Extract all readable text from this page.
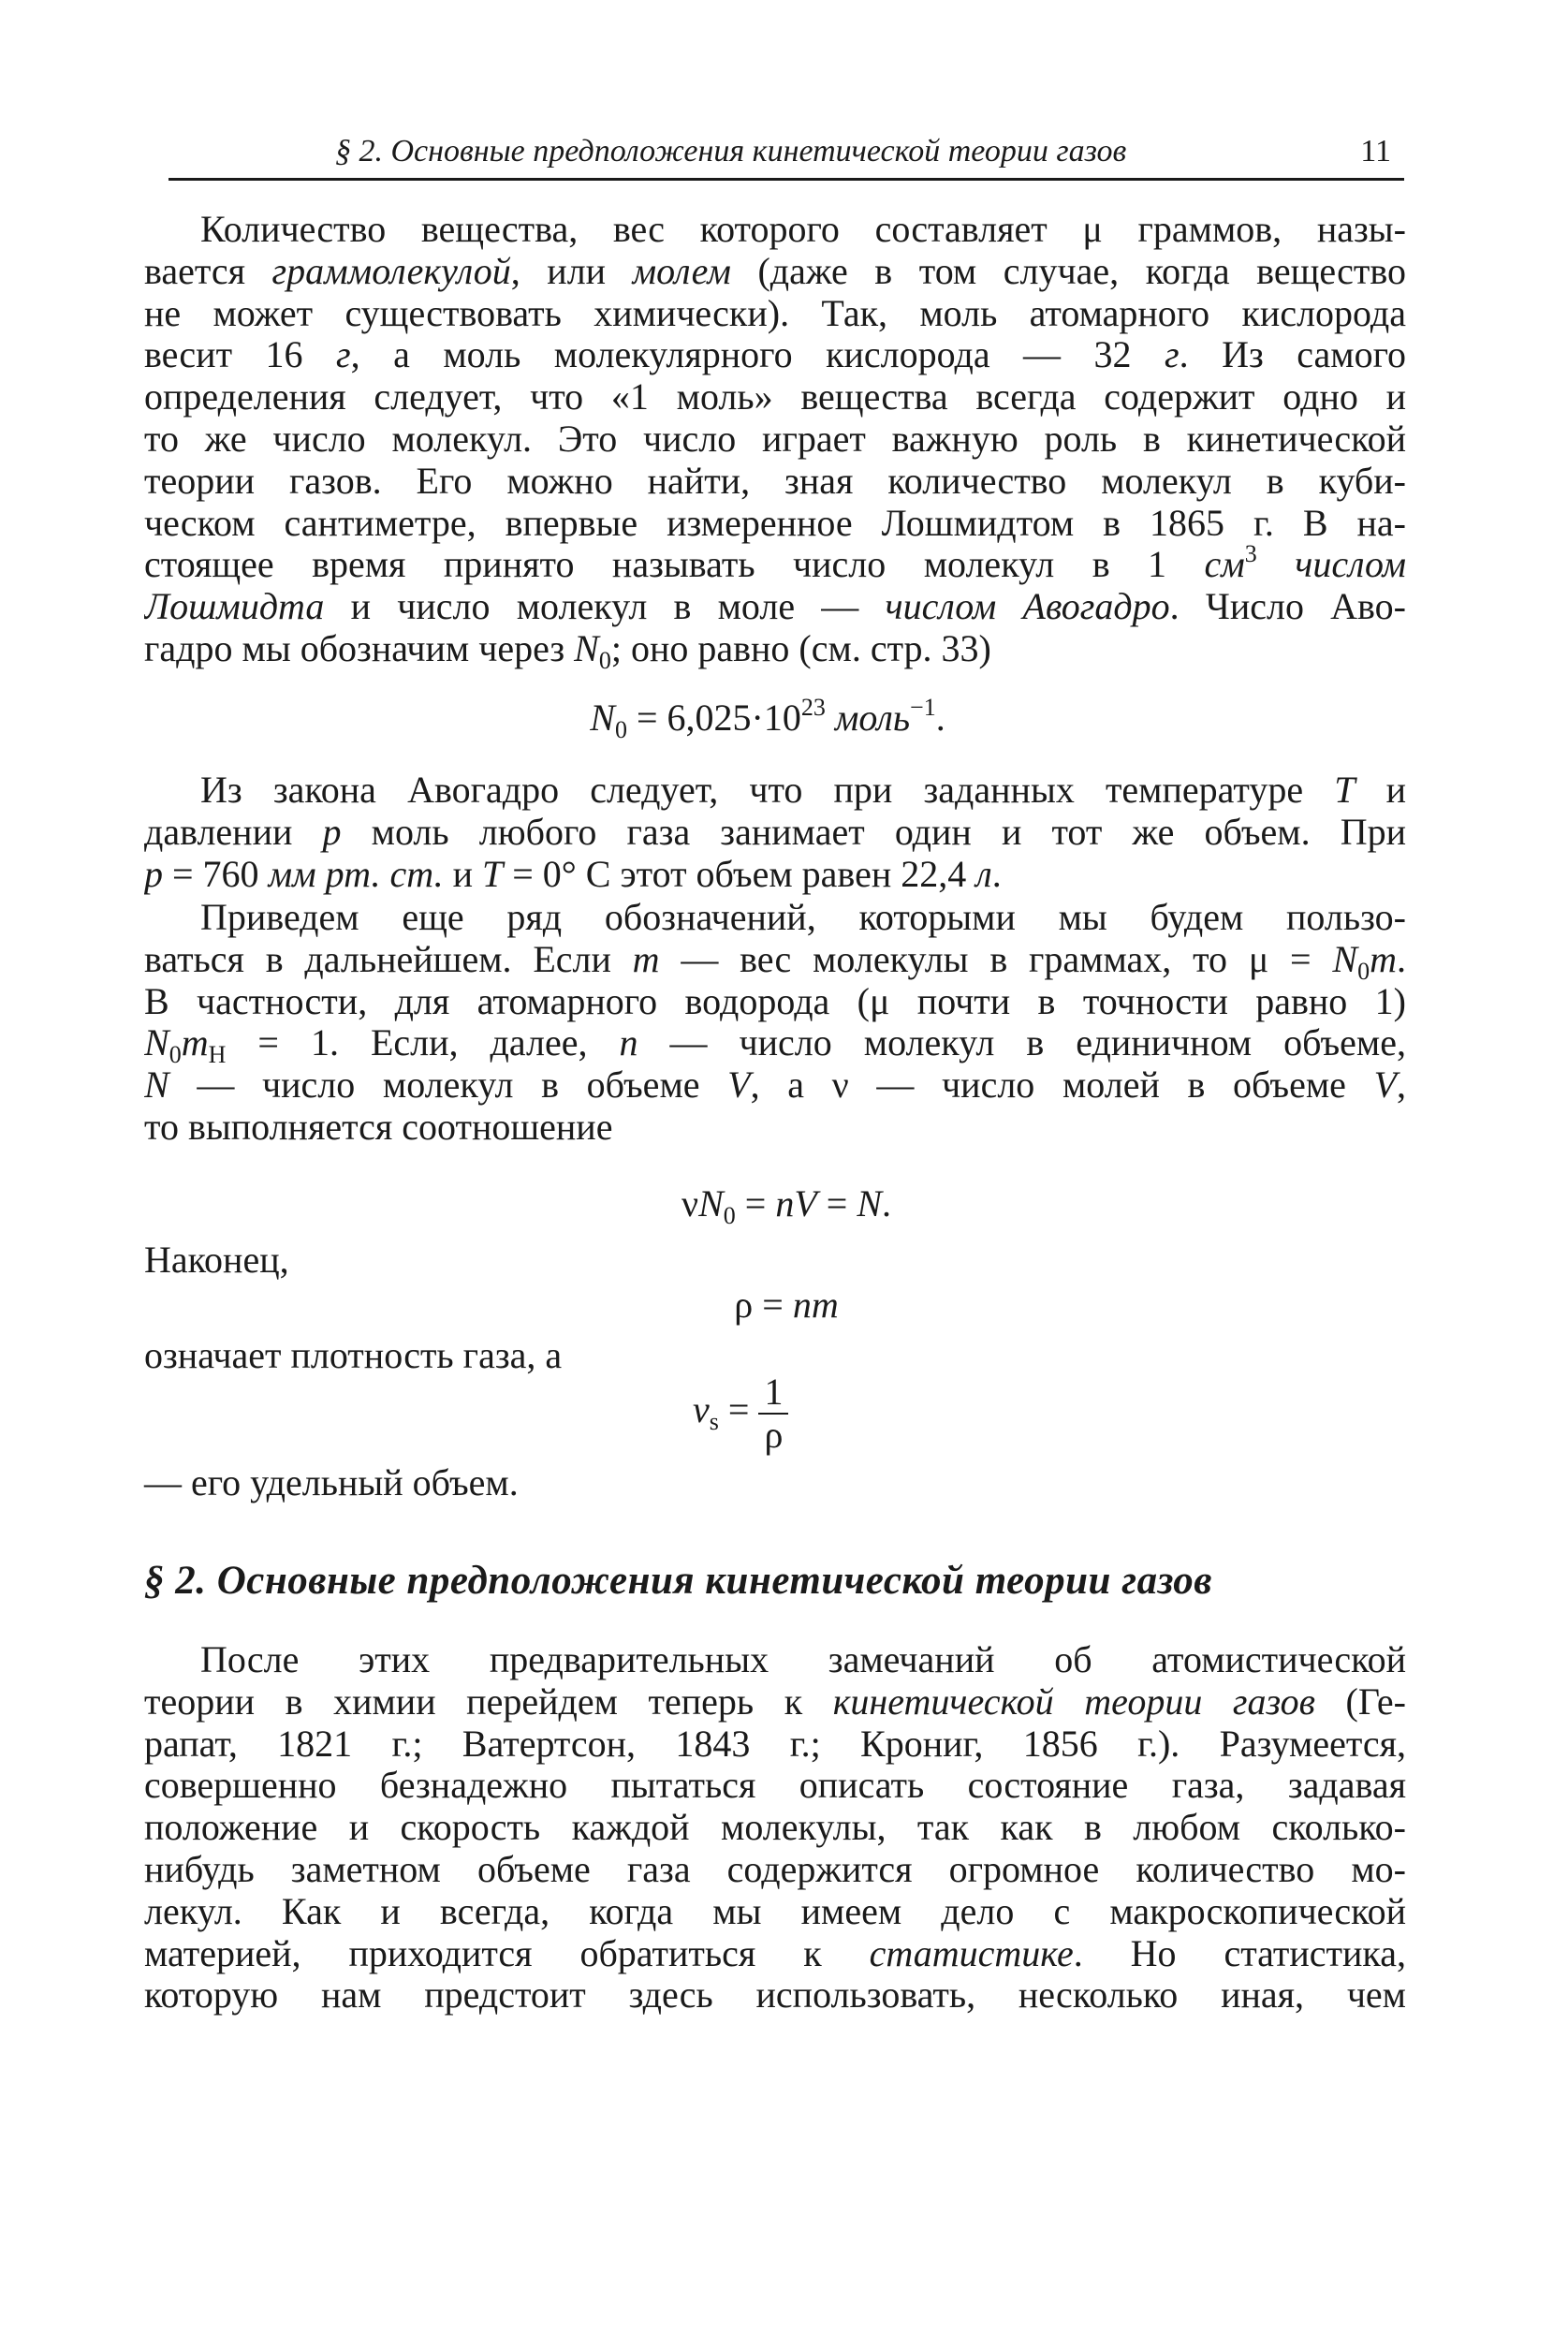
§ 2. Основные предположения кинетической теории газов	11
Количество вещества, вес которого составляет μ граммов, назы-
вается граммолекулой, или молем (даже в том случае, когда вещество
не может существовать химически). Так, моль атомарного кислорода
весит 16 г, а моль молекулярного кислорода — 32 г. Из самого
определения следует, что «1 моль» вещества всегда содержит одно и
то же число молекул. Это число играет важную роль в кинетической
теории газов. Его можно найти, зная количество молекул в куби-
ческом сантиметре, впервые измеренное Лошмидтом в 1865 г. В на-
стоящее время принято называть число молекул в 1 $см^3$ числом
Лошмидта и число молекул в моле — числом Авогадро. Число Аво-
гадро мы обозначим через $N_0$; оно равно (см. стр. 33)
$N_0 = 6,025\cdot 10^{23}$ моль$^{-1}$.
Из закона Авогадро следует, что при заданных температуре T и
давлении p моль любого газа занимает один и тот же объем. При
p = 760 мм рт. ст. и T = 0° С этот объем равен 22,4 л.
Приведем еще ряд обозначений, которыми мы будем пользо-
ваться в дальнейшем. Если m — вес молекулы в граммах, то $\mu = N_0m$.
В частности, для атомарного водорода (μ почти в точности равно 1)
$N_0m_H = 1$. Если, далее, n — число молекул в единичном объеме,
N — число молекул в объеме V, а ν — число молей в объеме V,
то выполняется соотношение
$\nu N_0$ = nV = N.
Наконец,
ρ = nm
означает плотность газа, а
$v_s = \frac{1}{\rho}$
— его удельный объем.
§ 2. Основные предположения кинетической теории газов
После этих предварительных замечаний об атомистической
теории в химии перейдем теперь к кинетической теории газов (Ге-
рапат, 1821 г.; Ватертсон, 1843 г.; Крониг, 1856 г.). Разумеется,
совершенно безнадежно пытаться описать состояние газа, задавая
положение и скорость каждой молекулы, так как в любом сколько-
нибудь заметном объеме газа содержится огромное количество мо-
лекул. Как и всегда, когда мы имеем дело с макроскопической
материей, приходится обратиться к статистике. Но статистика,
которую нам предстоит здесь использовать, несколько иная, чем
